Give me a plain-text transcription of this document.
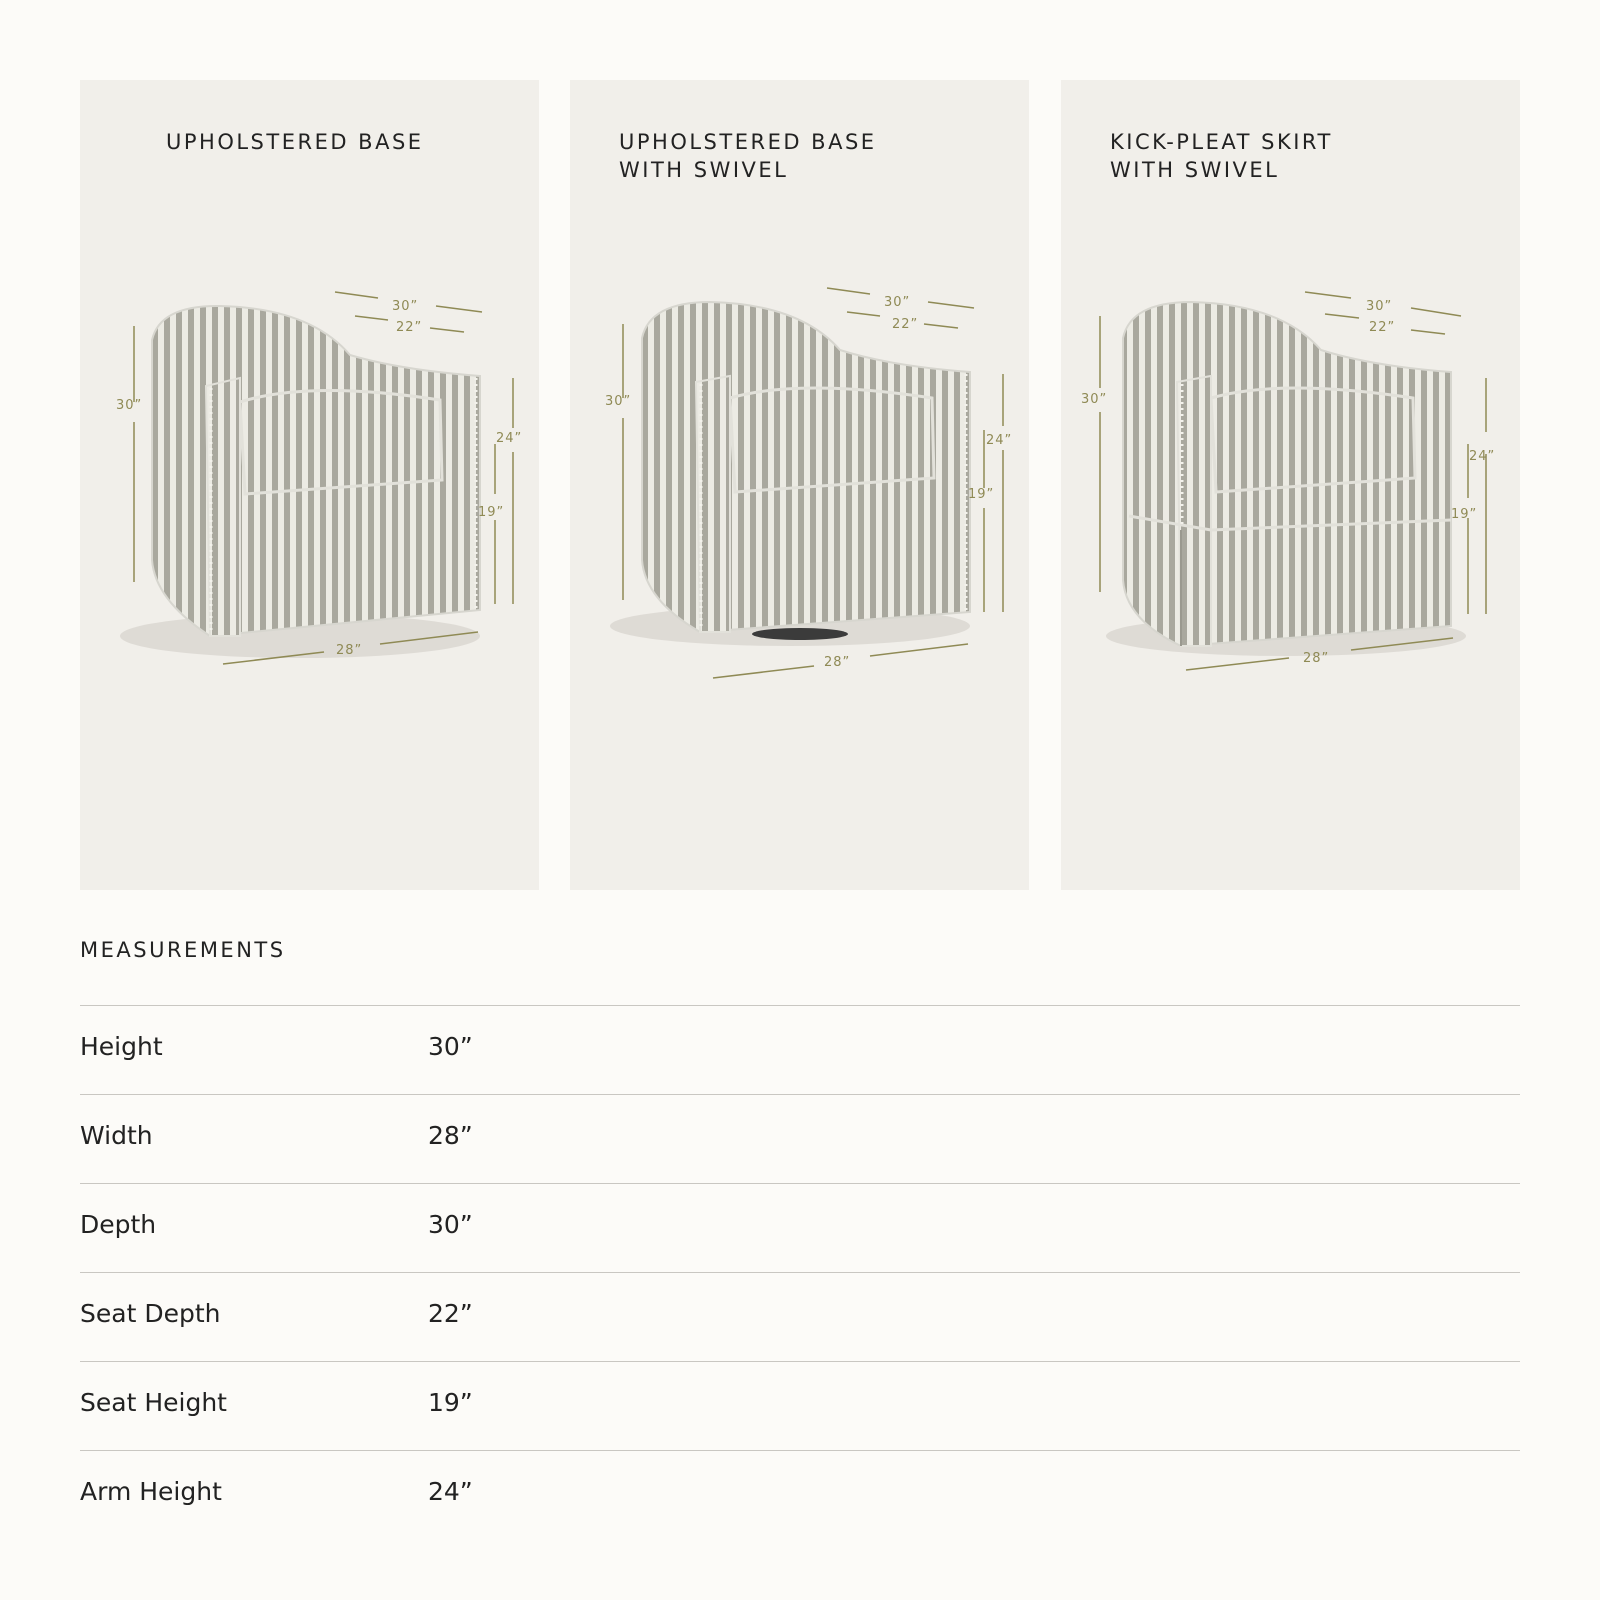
UPHOLSTERED BASE
30”
30”
22”
24”
19”
28”
UPHOLSTERED BASE
WITH SWIVEL
30”
30”
22”
24”
19”
28”
KICK-PLEAT SKIRT
WITH SWIVEL
30”
30”
22”
24”
19”
28”
MEASUREMENTS
Height	30”
Width	28”
Depth	30”
Seat Depth	22”
Seat Height	19”
Arm Height	24”
